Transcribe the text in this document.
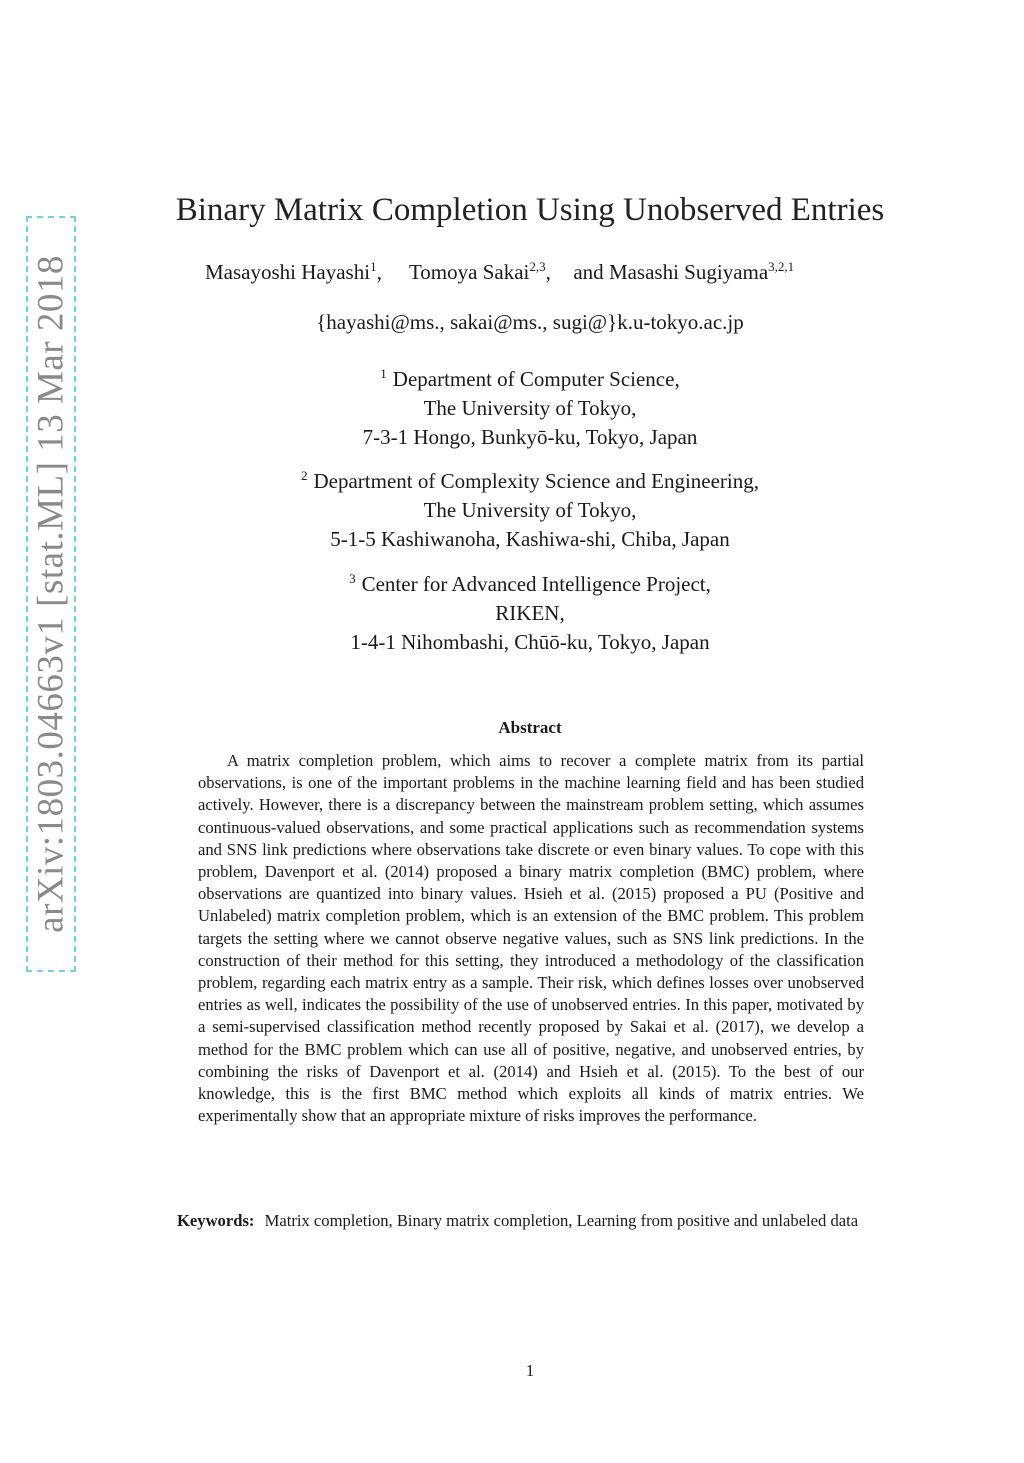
arXiv:1803.04663v1 [stat.ML] 13 Mar 2018
Binary Matrix Completion Using Unobserved Entries
Masayoshi Hayashi$^1$, Tomoya Sakai$^{2,3}$, and Masashi Sugiyama$^{3,2,1}$
{hayashi@ms., sakai@ms., sugi@}k.u-tokyo.ac.jp
$^1$ Department of Computer Science,
The University of Tokyo,
7-3-1 Hongo, Bunkyō-ku, Tokyo, Japan
$^2$ Department of Complexity Science and Engineering,
The University of Tokyo,
5-1-5 Kashiwanoha, Kashiwa-shi, Chiba, Japan
$^3$ Center for Advanced Intelligence Project,
RIKEN,
1-4-1 Nihombashi, Chūō-ku, Tokyo, Japan
Abstract
A matrix completion problem, which aims to recover a complete matrix from its partial observations, is one of the important problems in the machine learning field and has been studied actively. However, there is a discrepancy between the mainstream problem setting, which assumes continuous-valued observations, and some practical applications such as recommendation systems and SNS link predictions where observations take discrete or even binary values. To cope with this problem, Davenport et al. (2014) proposed a binary matrix completion (BMC) problem, where observations are quantized into binary values. Hsieh et al. (2015) proposed a PU (Positive and Unlabeled) matrix completion problem, which is an extension of the BMC problem. This problem targets the setting where we cannot observe negative values, such as SNS link predictions. In the construction of their method for this setting, they introduced a methodology of the classification problem, regarding each matrix entry as a sample. Their risk, which defines losses over unobserved entries as well, indicates the possibility of the use of unobserved entries. In this paper, motivated by a semi-supervised classification method recently proposed by Sakai et al. (2017), we develop a method for the BMC problem which can use all of positive, negative, and unobserved entries, by combining the risks of Davenport et al. (2014) and Hsieh et al. (2015). To the best of our knowledge, this is the first BMC method which exploits all kinds of matrix entries. We experimentally show that an appropriate mixture of risks improves the performance.
Keywords: Matrix completion, Binary matrix completion, Learning from positive and unlabeled data
1
